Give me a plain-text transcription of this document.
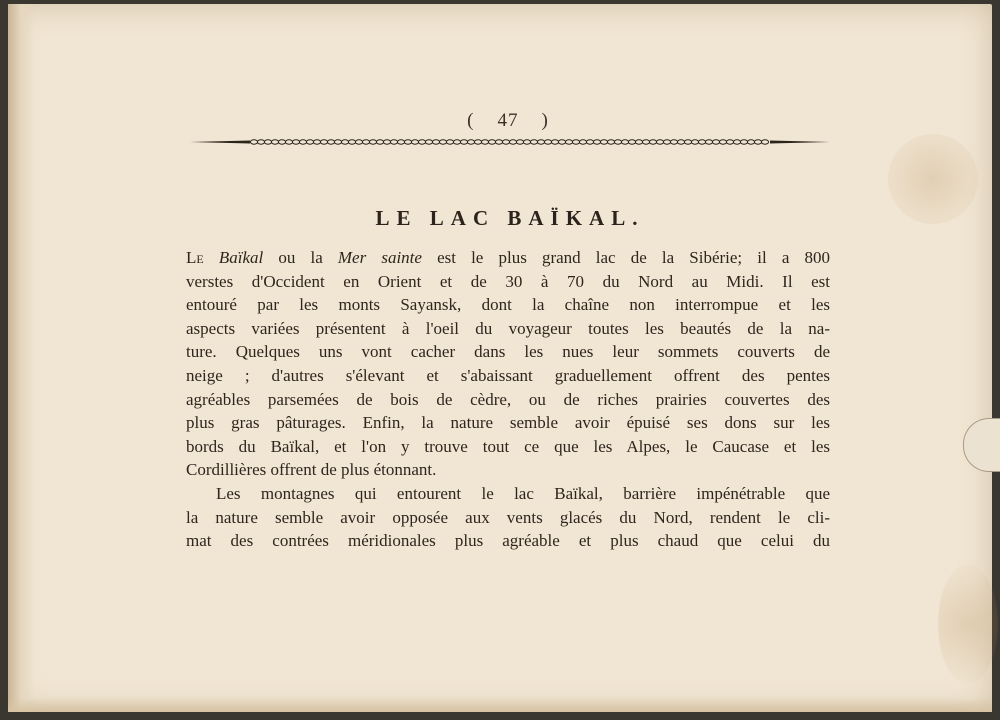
(    47    )
LE LAC BAÏKAL.
Le Baïkal ou la Mer sainte est le plus grand lac de la Sibérie; il a 800
verstes d'Occident en Orient et de 30 à 70 du Nord au Midi. Il est
entouré par les monts Sayansk, dont la chaîne non interrompue et les
aspects variées présentent à l'oeil du voyageur toutes les beautés de la na-
ture. Quelques uns vont cacher dans les nues leur sommets couverts de
neige ; d'autres s'élevant et s'abaissant graduellement offrent des pentes
agréables parsemées de bois de cèdre, ou de riches prairies couvertes des
plus gras pâturages. Enfin, la nature semble avoir épuisé ses dons sur les
bords du Baïkal, et l'on y trouve tout ce que les Alpes, le Caucase et les
Cordillières offrent de plus étonnant.
Les montagnes qui entourent le lac Baïkal, barrière impénétrable que
la nature semble avoir opposée aux vents glacés du Nord, rendent le cli-
mat des contrées méridionales plus agréable et plus chaud que celui du
